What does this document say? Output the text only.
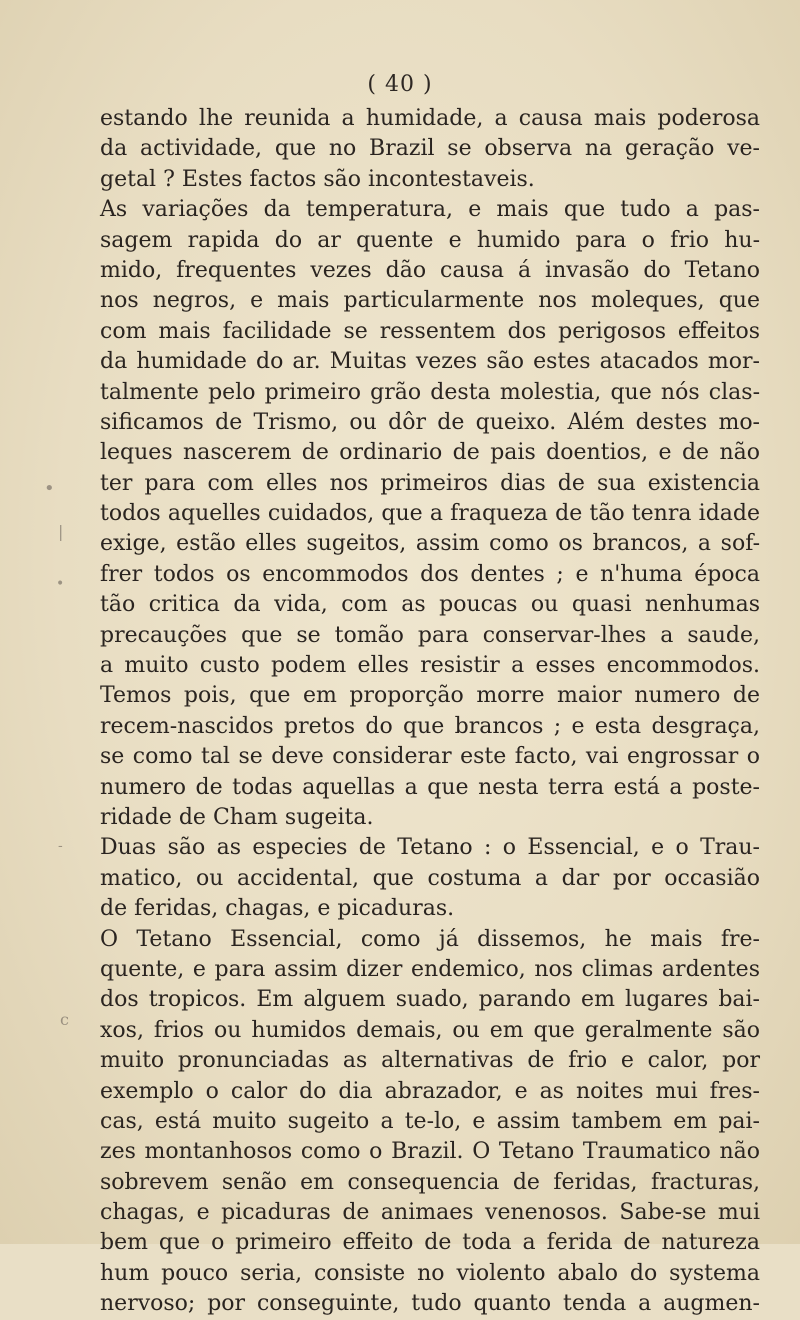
( 40 )
estando lhe reunida a humidade, a causa mais poderosa
da actividade, que no Brazil se observa na geração ve-
getal ? Estes factos são incontestaveis.
As variações da temperatura, e mais que tudo a pas-
sagem rapida do ar quente e humido para o frio hu-
mido, frequentes vezes dão causa á invasão do Tetano
nos negros, e mais particularmente nos moleques, que
com mais facilidade se ressentem dos perigosos effeitos
da humidade do ar. Muitas vezes são estes atacados mor-
talmente pelo primeiro grão desta molestia, que nós clas-
sificamos de Trismo, ou dôr de queixo. Além destes mo-
leques nascerem de ordinario de pais doentios, e de não
ter para com elles nos primeiros dias de sua existencia
todos aquelles cuidados, que a fraqueza de tão tenra idade
exige, estão elles sugeitos, assim como os brancos, a sof-
frer todos os encommodos dos dentes ; e n'huma época
tão critica da vida, com as poucas ou quasi nenhumas
precauções que se tomão para conservar-lhes a saude,
a muito custo podem elles resistir a esses encommodos.
Temos pois, que em proporção morre maior numero de
recem-nascidos pretos do que brancos ; e esta desgraça,
se como tal se deve considerar este facto, vai engrossar o
numero de todas aquellas a que nesta terra está a poste-
ridade de Cham sugeita.
Duas são as especies de Tetano : o Essencial, e o Trau-
matico, ou accidental, que costuma a dar por occasião
de feridas, chagas, e picaduras.
O Tetano Essencial, como já dissemos, he mais fre-
quente, e para assim dizer endemico, nos climas ardentes
dos tropicos. Em alguem suado, parando em lugares bai-
xos, frios ou humidos demais, ou em que geralmente são
muito pronunciadas as alternativas de frio e calor, por
exemplo o calor do dia abrazador, e as noites mui fres-
cas, está muito sugeito a te-lo, e assim tambem em pai-
zes montanhosos como o Brazil. O Tetano Traumatico não
sobrevem senão em consequencia de feridas, fracturas,
chagas, e picaduras de animaes venenosos. Sabe-se mui
bem que o primeiro effeito de toda a ferida de natureza
hum pouco seria, consiste no violento abalo do systema
nervoso; por conseguinte, tudo quanto tenda a augmen-
•
|
•
-
c
